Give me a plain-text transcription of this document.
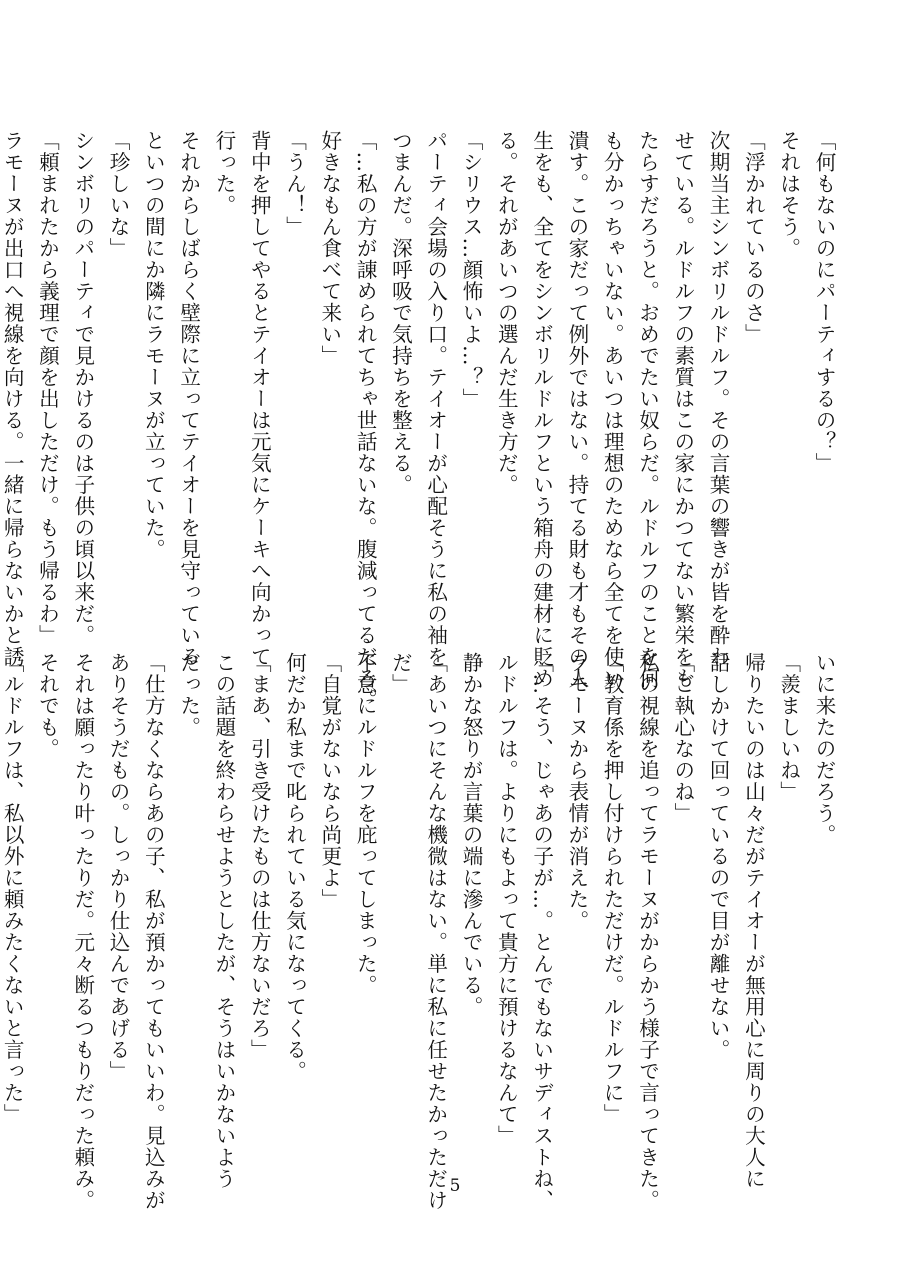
「何もないのにパーティするの？」
それはそう。
「浮かれているのさ」
次期当主シンボリルドルフ。その言葉の響きが皆を酔わ
せている。ルドルフの素質はこの家にかつてない繁栄をも
たらすだろうと。おめでたい奴らだ。ルドルフのことを何
も分かっちゃいない。あいつは理想のためなら全てを使い
潰す。この家だって例外ではない。持てる財も才もその人
生をも、全てをシンボリルドルフという箱舟の建材に貶め
る。それがあいつの選んだ生き方だ。
「シリウス…顔怖いよ…？」
パーティ会場の入り口。テイオーが心配そうに私の袖を
つまんだ。深呼吸で気持ちを整える。
「…私の方が諌められてちゃ世話ないな。腹減ってるだろ。
好きなもん食べて来い」
「うん！」
背中を押してやるとテイオーは元気にケーキへ向かって
行った。
それからしばらく壁際に立ってテイオーを見守っている
といつの間にか隣にラモーヌが立っていた。
「珍しいな」
シンボリのパーティで見かけるのは子供の頃以来だ。
「頼まれたから義理で顔を出しただけ。もう帰るわ」
ラモーヌが出口へ視線を向ける。一緒に帰らないかと誘
いに来たのだろう。
「羨ましいね」
帰りたいのは山々だがテイオーが無用心に周りの大人に
話しかけて回っているので目が離せない。
「ご執心なのね」
私の視線を追ってラモーヌがからかう様子で言ってきた。
「教育係を押し付けられただけだ。ルドルフに」
ラモーヌから表情が消えた。
「…そう、じゃあの子が…。とんでもないサディストね、
ルドルフは。よりにもよって貴方に預けるなんて」
静かな怒りが言葉の端に滲んでいる。
「あいつにそんな機微はない。単に私に任せたかっただけ
だ」
不意にルドルフを庇ってしまった。
「自覚がないなら尚更よ」
何だか私まで叱られている気になってくる。
「まあ、引き受けたものは仕方ないだろ」
この話題を終わらせようとしたが、そうはいかないよう
だった。
「仕方なくならあの子、私が預かってもいいわ。見込みが
ありそうだもの。しっかり仕込んであげる」
それは願ったり叶ったりだ。元々断るつもりだった頼み。
それでも。
「ルドルフは、私以外に頼みたくないと言った」
5
